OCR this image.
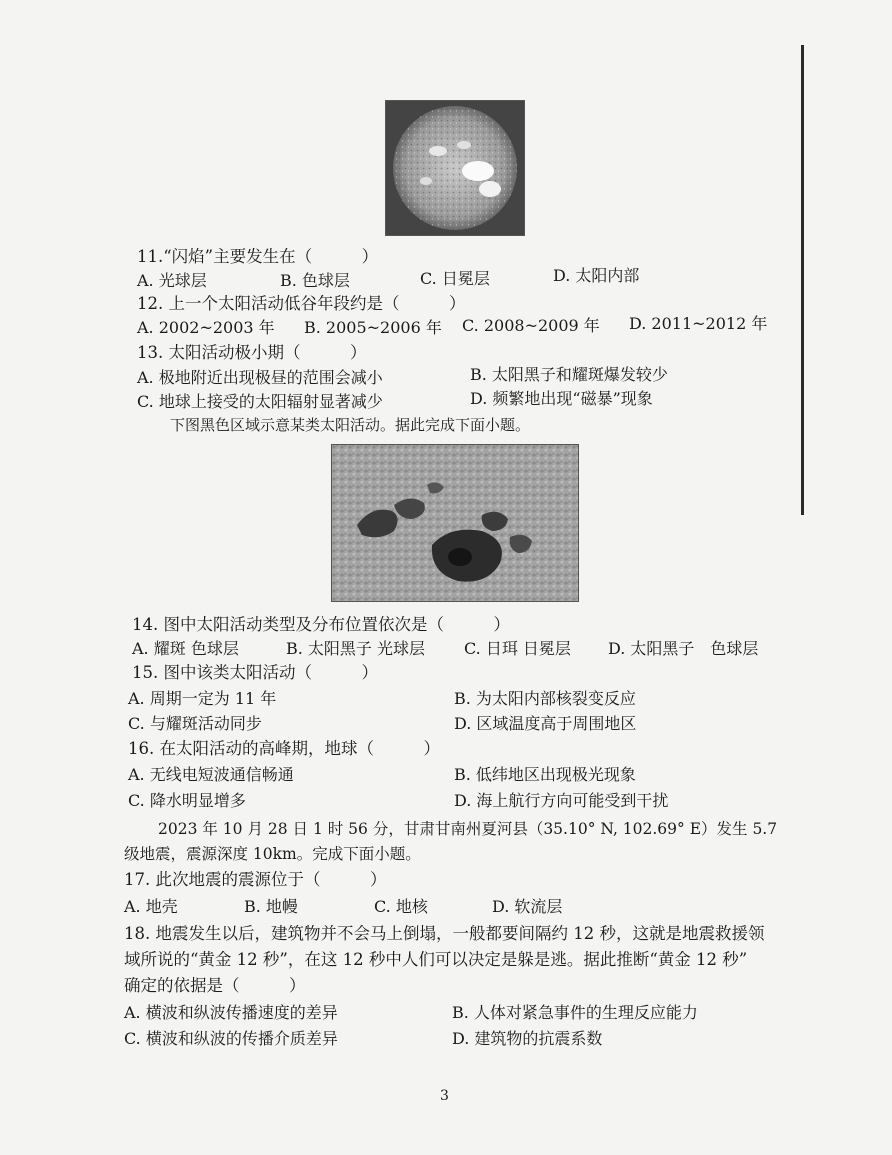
11.“闪焰”主要发生在（　　　）
A. 光球层	B. 色球层	C. 日冕层	D. 太阳内部
12. 上一个太阳活动低谷年段约是（　　　）
A. 2002~2003 年 B. 2005~2006 年 C. 2008~2009 年 D. 2011~2012 年
13. 太阳活动极小期（　　　）
A. 极地附近出现极昼的范围会减小	B. 太阳黑子和耀斑爆发较少
C. 地球上接受的太阳辐射显著减少	D. 频繁地出现“磁暴”现象
下图黑色区域示意某类太阳活动。据此完成下面小题。
14. 图中太阳活动类型及分布位置依次是（　　　）
A. 耀斑 色球层	B. 太阳黑子 光球层 C. 日珥 日冕层 D. 太阳黑子　色球层
15. 图中该类太阳活动（　　　）
A. 周期一定为 11 年	B. 为太阳内部核裂变反应
C. 与耀斑活动同步	D. 区域温度高于周围地区
16. 在太阳活动的高峰期，地球（　　　）
A. 无线电短波通信畅通	B. 低纬地区出现极光现象
C. 降水明显增多	D. 海上航行方向可能受到干扰
2023 年 10 月 28 日 1 时 56 分，甘肃甘南州夏河县（35.10° N, 102.69° E）发生 5.7
级地震，震源深度 10km。完成下面小题。
17. 此次地震的震源位于（　　　）
A. 地壳	B. 地幔	C. 地核	D. 软流层
18. 地震发生以后，建筑物并不会马上倒塌，一般都要间隔约 12 秒，这就是地震救援领
域所说的“黄金 12 秒”，在这 12 秒中人们可以决定是躲是逃。据此推断“黄金 12 秒”
确定的依据是（　　　）
A. 横波和纵波传播速度的差异	B. 人体对紧急事件的生理反应能力
C. 横波和纵波的传播介质差异	D. 建筑物的抗震系数
3
